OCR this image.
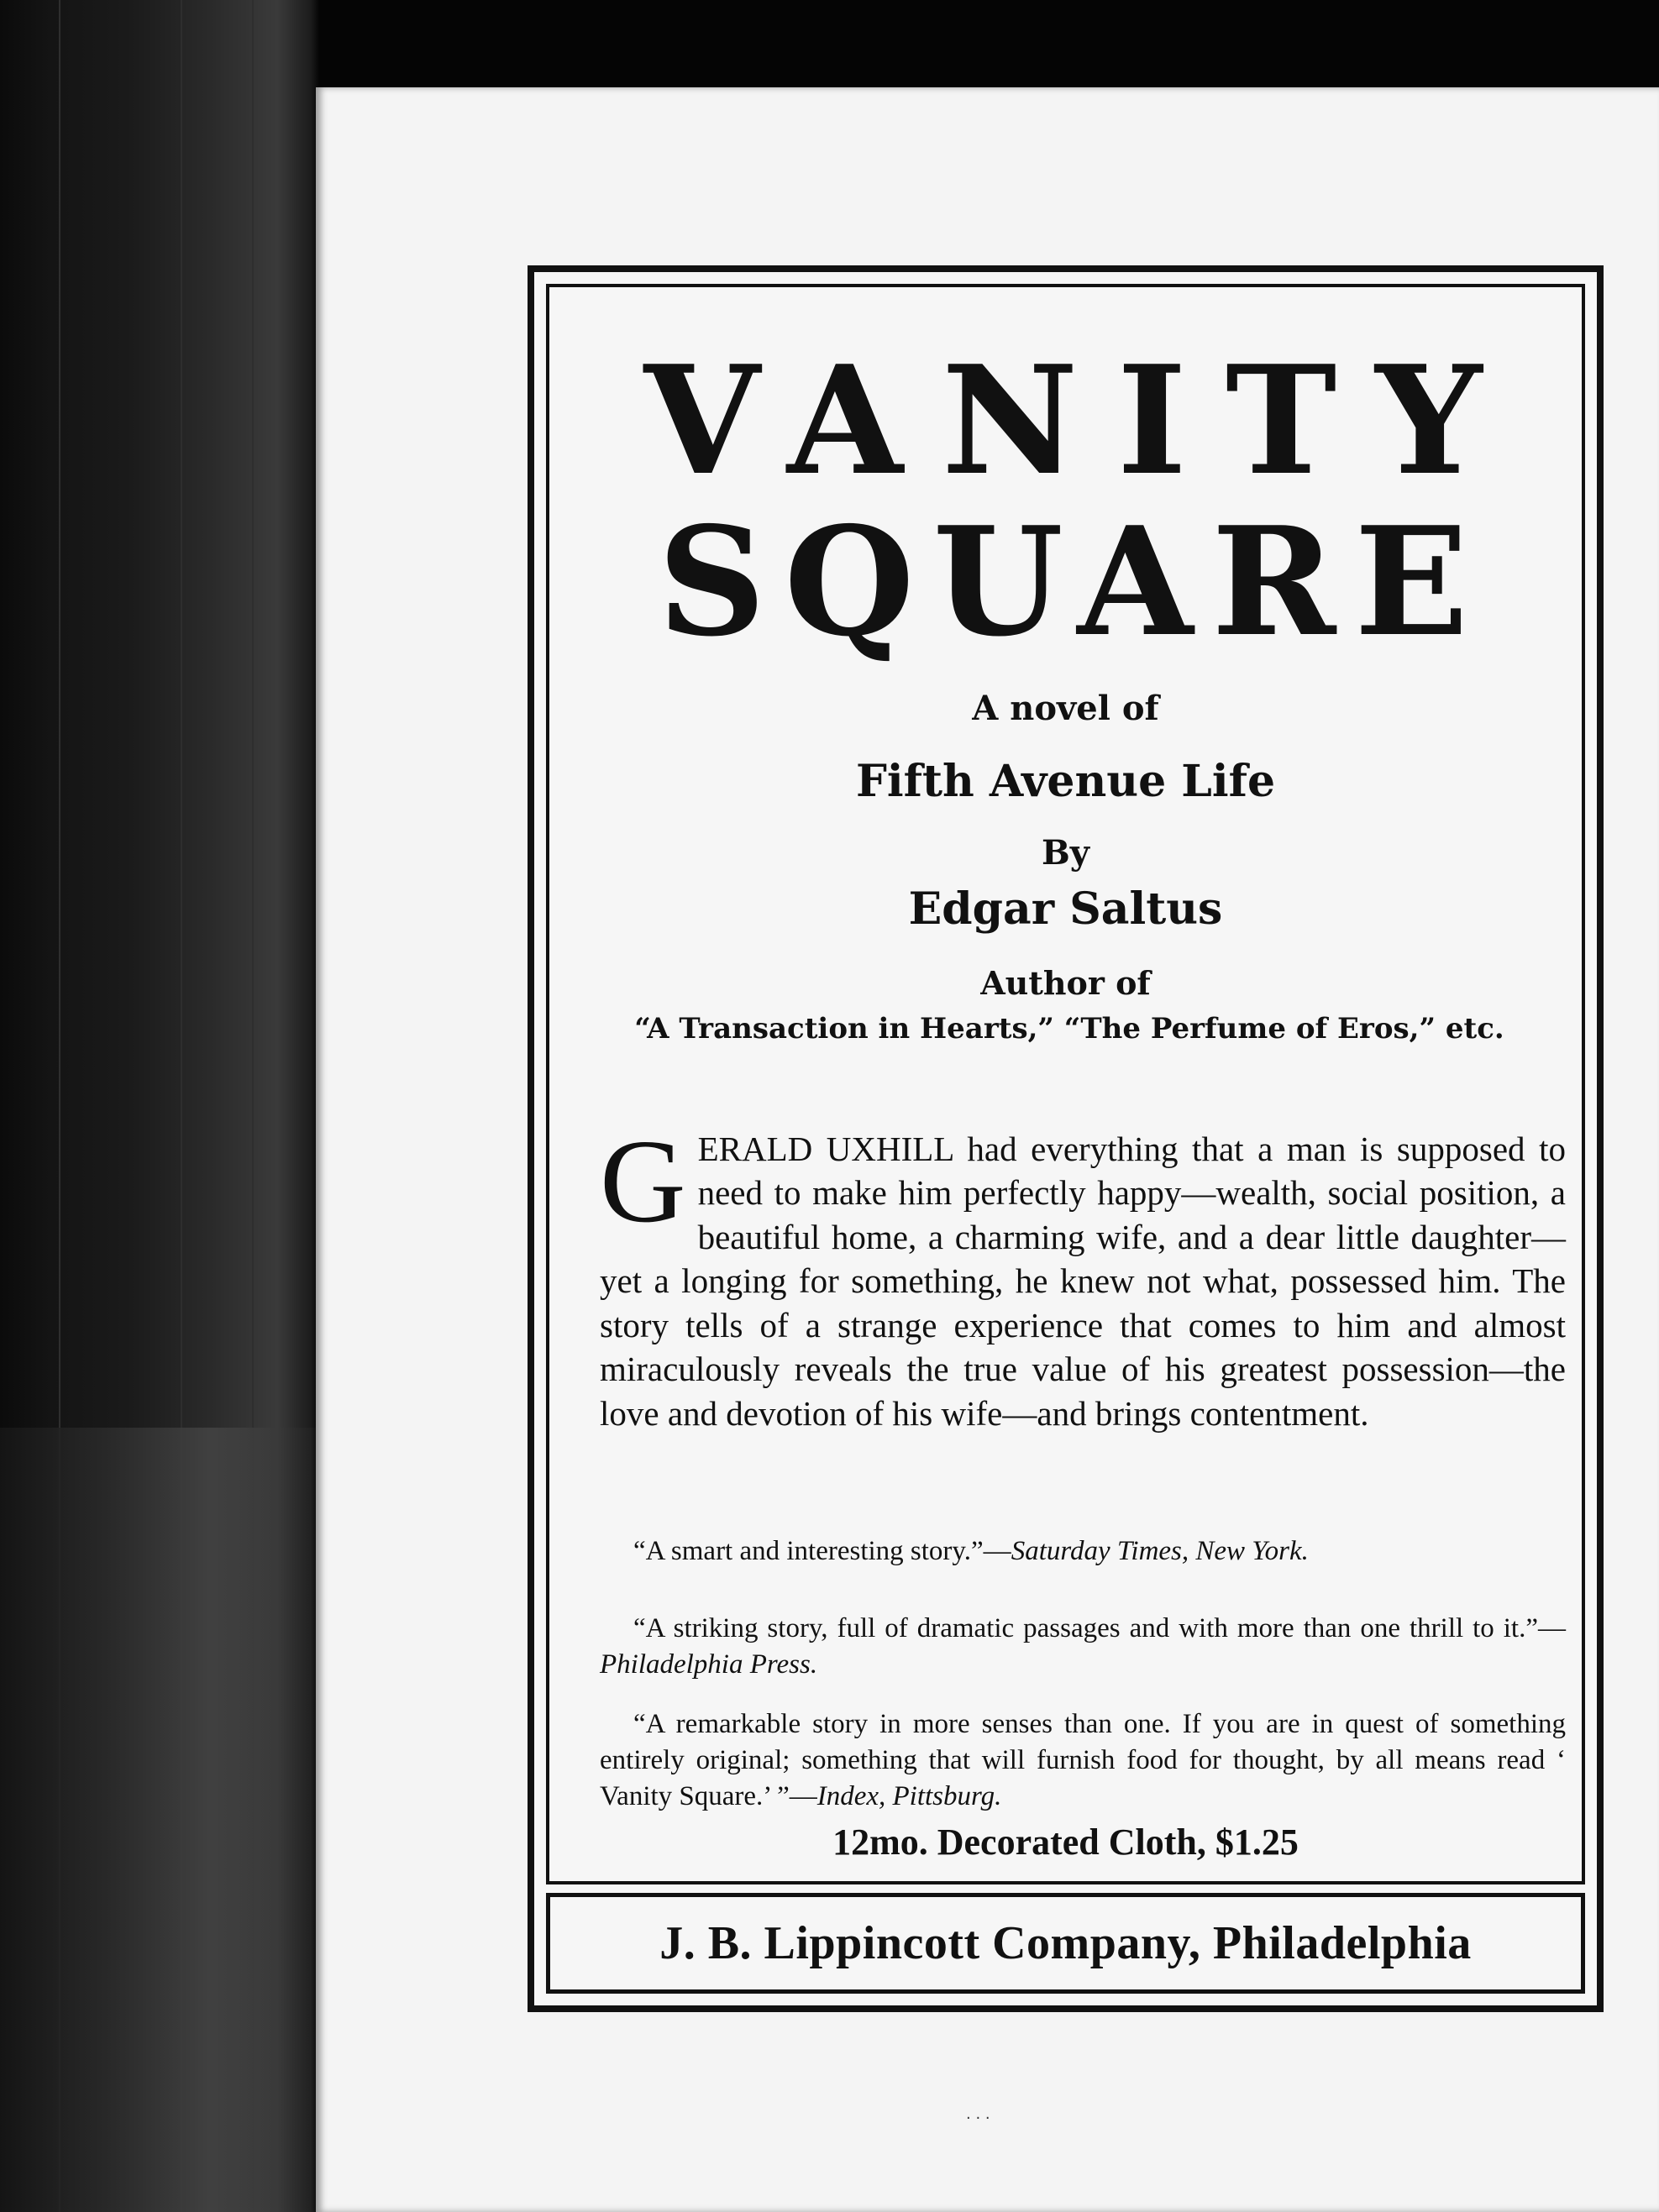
VANITY
SQUARE
A novel of
Fifth Avenue Life
By
Edgar Saltus
Author of
“A Transaction in Hearts,” “The Perfume of Eros,” etc.
GERALD UXHILL had everything that a man is supposed to need to make him perfectly happy—wealth, social position, a beautiful home, a charming wife, and a dear little daughter—yet a longing for something, he knew not what, possessed him. The story tells of a strange experience that comes to him and almost miraculously reveals the true value of his greatest possession—the love and devotion of his wife—and brings contentment.
“A smart and interesting story.”—Saturday Times, New York.
“A striking story, full of dramatic passages and with more than one thrill to it.”—Philadelphia Press.
“A remarkable story in more senses than one. If you are in quest of something entirely original; something that will furnish food for thought, by all means read ‘ Vanity Square.’ ”—Index, Pittsburg.
12mo. Decorated Cloth, $1.25
J. B. Lippincott Company, Philadelphia
· · ·
